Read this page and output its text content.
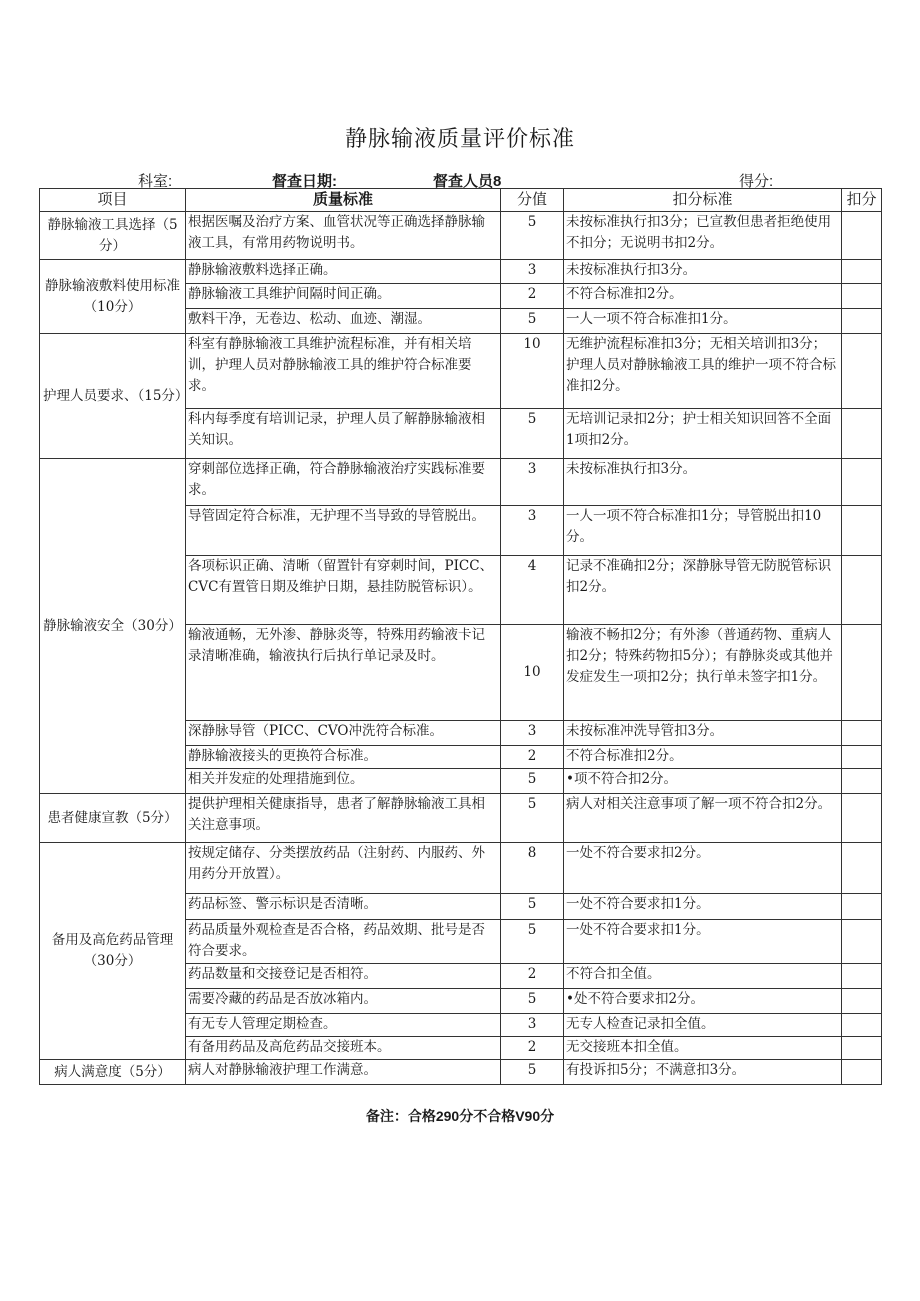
静脉输液质量评价标准
科室:	督查日期:	督查人员8	得分:
项目	质量标准	分值	扣分标准	扣分
静脉输液工具选择（5分）	根据医嘱及治疗方案、血管状况等正确选择静脉输液工具，有常用药物说明书。	5	未按标准执行扣3分；已宣教但患者拒绝使用不扣分；无说明书扣2分。	
静脉输液敷料使用标准（10分）	静脉输液敷料选择正确。	3	未按标准执行扣3分。	
	静脉输液工具维护间隔时间正确。	2	不符合标准扣2分。	
	敷料干净，无卷边、松动、血迹、潮湿。	5	一人一项不符合标准扣1分。	
护理人员要求、（15分）	科室有静脉输液工具维护流程标准，并有相关培训，护理人员对静脉输液工具的维护符合标准要求。	10	无维护流程标准扣3分；无相关培训扣3分；护理人员对静脉输液工具的维护一项不符合标准扣2分。	
	科内每季度有培训记录，护理人员了解静脉输液相关知识。	5	无培训记录扣2分；护士相关知识回答不全面1项扣2分。	
静脉输液安全（30分）	穿刺部位选择正确，符合静脉输液治疗实践标准要求。	3	未按标准执行扣3分。	
	导管固定符合标准，无护理不当导致的导管脱出。	3	一人一项不符合标准扣1分；导管脱出扣10分。	
	各项标识正确、清晰（留置针有穿刺时间，PICC、CVC有置管日期及维护日期，悬挂防脱管标识）。	4	记录不准确扣2分；深静脉导管无防脱管标识扣2分。	
	输液通畅，无外渗、静脉炎等，特殊用药输液卡记录清晰准确，输液执行后执行单记录及时。	10	输液不畅扣2分；有外渗（普通药物、重病人扣2分；特殊药物扣5分）；有静脉炎或其他并发症发生一项扣2分；执行单未签字扣1分。	
	深静脉导管（PICC、CVO冲洗符合标准。	3	未按标准冲洗导管扣3分。	
	静脉输液接头的更换符合标准。	2	不符合标准扣2分。	
	相关并发症的处理措施到位。	5	•项不符合扣2分。	
患者健康宣教（5分）	提供护理相关健康指导，患者了解静脉输液工具相关注意事项。	5	病人对相关注意事项了解一项不符合扣2分。	
备用及高危药品管理（30分）	按规定储存、分类摆放药品（注射药、内服药、外用药分开放置）。	8	一处不符合要求扣2分。	
	药品标签、警示标识是否清晰。	5	一处不符合要求扣1分。	
	药品质量外观检查是否合格，药品效期、批号是否符合要求。	5	一处不符合要求扣1分。	
	药品数量和交接登记是否相符。	2	不符合扣全值。	
	需要冷藏的药品是否放冰箱内。	5	•处不符合要求扣2分。	
	有无专人管理定期检查。	3	无专人检查记录扣全值。	
	有备用药品及高危药品交接班本。	2	无交接班本扣全值。	
病人满意度（5分）	病人对静脉输液护理工作满意。	5	有投诉扣5分；不满意扣3分。	
备注：合格290分不合格V90分
